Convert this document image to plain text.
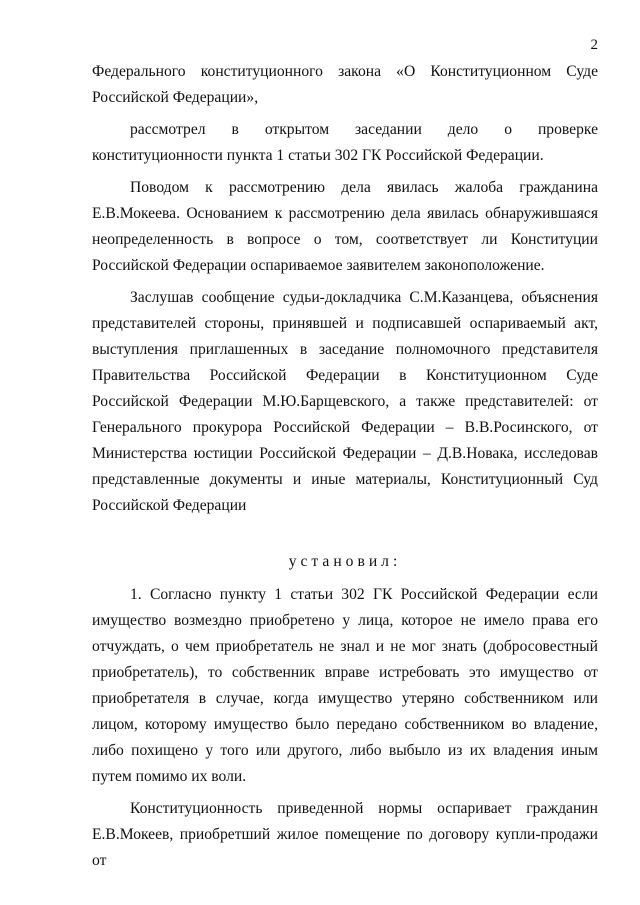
2

Федерального конституционного закона «О Конституционном Суде Российской Федерации»,

рассмотрел в открытом заседании дело о проверке конституционности пункта 1 статьи 302 ГК Российской Федерации.

Поводом к рассмотрению дела явилась жалоба гражданина Е.В.Мокеева. Основанием к рассмотрению дела явилась обнаружившаяся неопределенность в вопросе о том, соответствует ли Конституции Российской Федерации оспариваемое заявителем законоположение.

Заслушав сообщение судьи-докладчика С.М.Казанцева, объяснения представителей стороны, принявшей и подписавшей оспариваемый акт, выступления приглашенных в заседание полномочного представителя Правительства Российской Федерации в Конституционном Суде Российской Федерации М.Ю.Барщевского, а также представителей: от Генерального прокурора Российской Федерации – В.В.Росинского, от Министерства юстиции Российской Федерации – Д.В.Новака, исследовав представленные документы и иные материалы, Конституционный Суд Российской Федерации

установил:

1. Согласно пункту 1 статьи 302 ГК Российской Федерации если имущество возмездно приобретено у лица, которое не имело права его отчуждать, о чем приобретатель не знал и не мог знать (добросовестный приобретатель), то собственник вправе истребовать это имущество от приобретателя в случае, когда имущество утеряно собственником или лицом, которому имущество было передано собственником во владение, либо похищено у того или другого, либо выбыло из их владения иным путем помимо их воли.

Конституционность приведенной нормы оспаривает гражданин Е.В.Мокеев, приобретший жилое помещение по договору купли-продажи от
